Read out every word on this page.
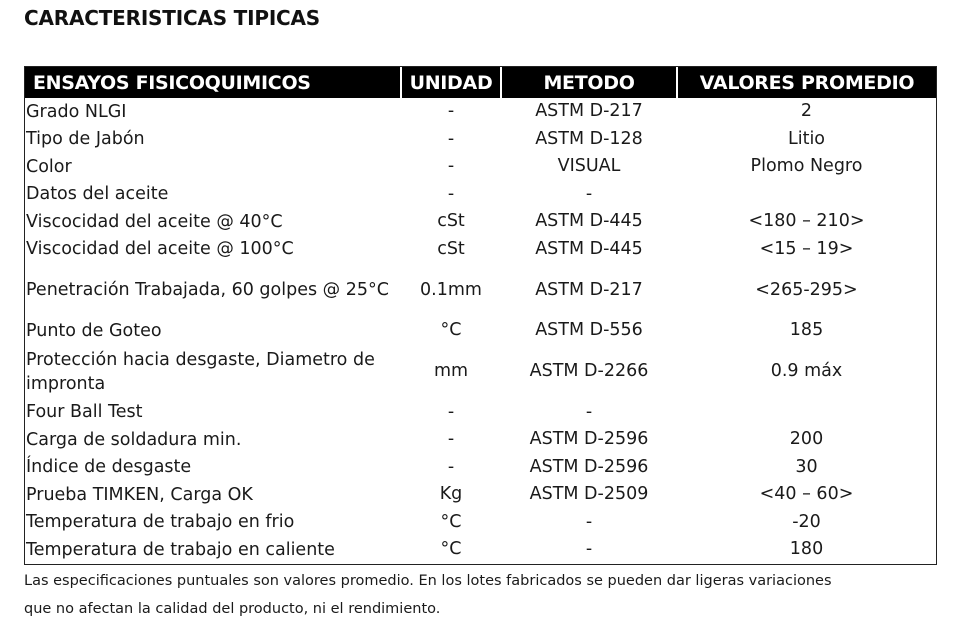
CARACTERISTICAS TIPICAS
ENSAYOS FISICOQUIMICOS	UNIDAD	METODO	VALORES PROMEDIO
Grado NLGI	-	ASTM D-217	2
Tipo de Jabón	-	ASTM D-128	Litio
Color	-	VISUAL	Plomo Negro
Datos del aceite	-	-	
Viscocidad del aceite @ 40°C	cSt	ASTM D-445	<180 – 210>
Viscocidad del aceite @ 100°C	cSt	ASTM D-445	<15 – 19>
Penetración Trabajada, 60 golpes @ 25°C	0.1mm	ASTM D-217	<265-295>
Punto de Goteo	°C	ASTM D-556	185
Protección hacia desgaste, Diametro de impronta	mm	ASTM D-2266	0.9 máx
Four Ball Test	-	-	
Carga de soldadura min.	-	ASTM D-2596	200
Índice de desgaste	-	ASTM D-2596	30
Prueba TIMKEN, Carga OK	Kg	ASTM D-2509	<40 – 60>
Temperatura de trabajo en frio	°C	-	-20
Temperatura de trabajo en caliente	°C	-	180
Las especificaciones puntuales son valores promedio. En los lotes fabricados se pueden dar ligeras variaciones
que no afectan la calidad del producto, ni el rendimiento.
